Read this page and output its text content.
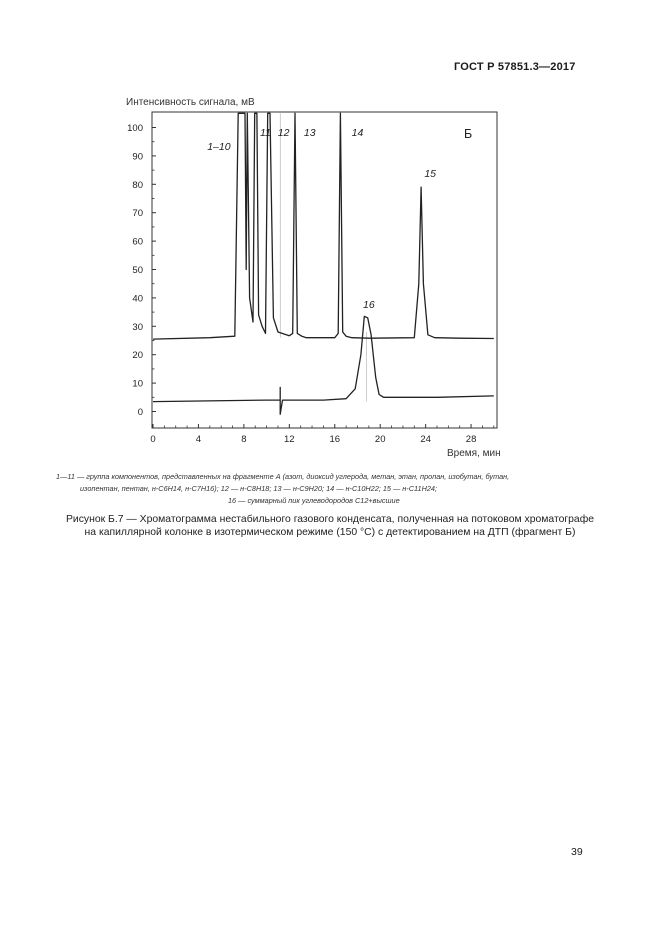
ГОСТ Р 57851.3—2017
Интенсивность сигнала, мВ
0
10
20
30
40
50
60
70
80
90
100
0	4	8	12	16	20	24	28
1–10
11 12 13	14
15
16
Б
Время, мин
1—11 — группа компонентов, представленных на фрагменте А (азот, диоксид углерода, метан, этан, пропан, изобутан, бутан,
изопентан, пентан, н-C6H14, н-C7H16); 12 — н-C8H18; 13 — н-C9H20; 14 — н-C10H22; 15 — н-C11H24;
16 — суммарный пик углеводородов C12+высшие
Рисунок Б.7 — Хроматограмма нестабильного газового конденсата, полученная на потоковом хроматографе
на капиллярной колонке в изотермическом режиме (150 °С) с детектированием на ДТП (фрагмент Б)
39
